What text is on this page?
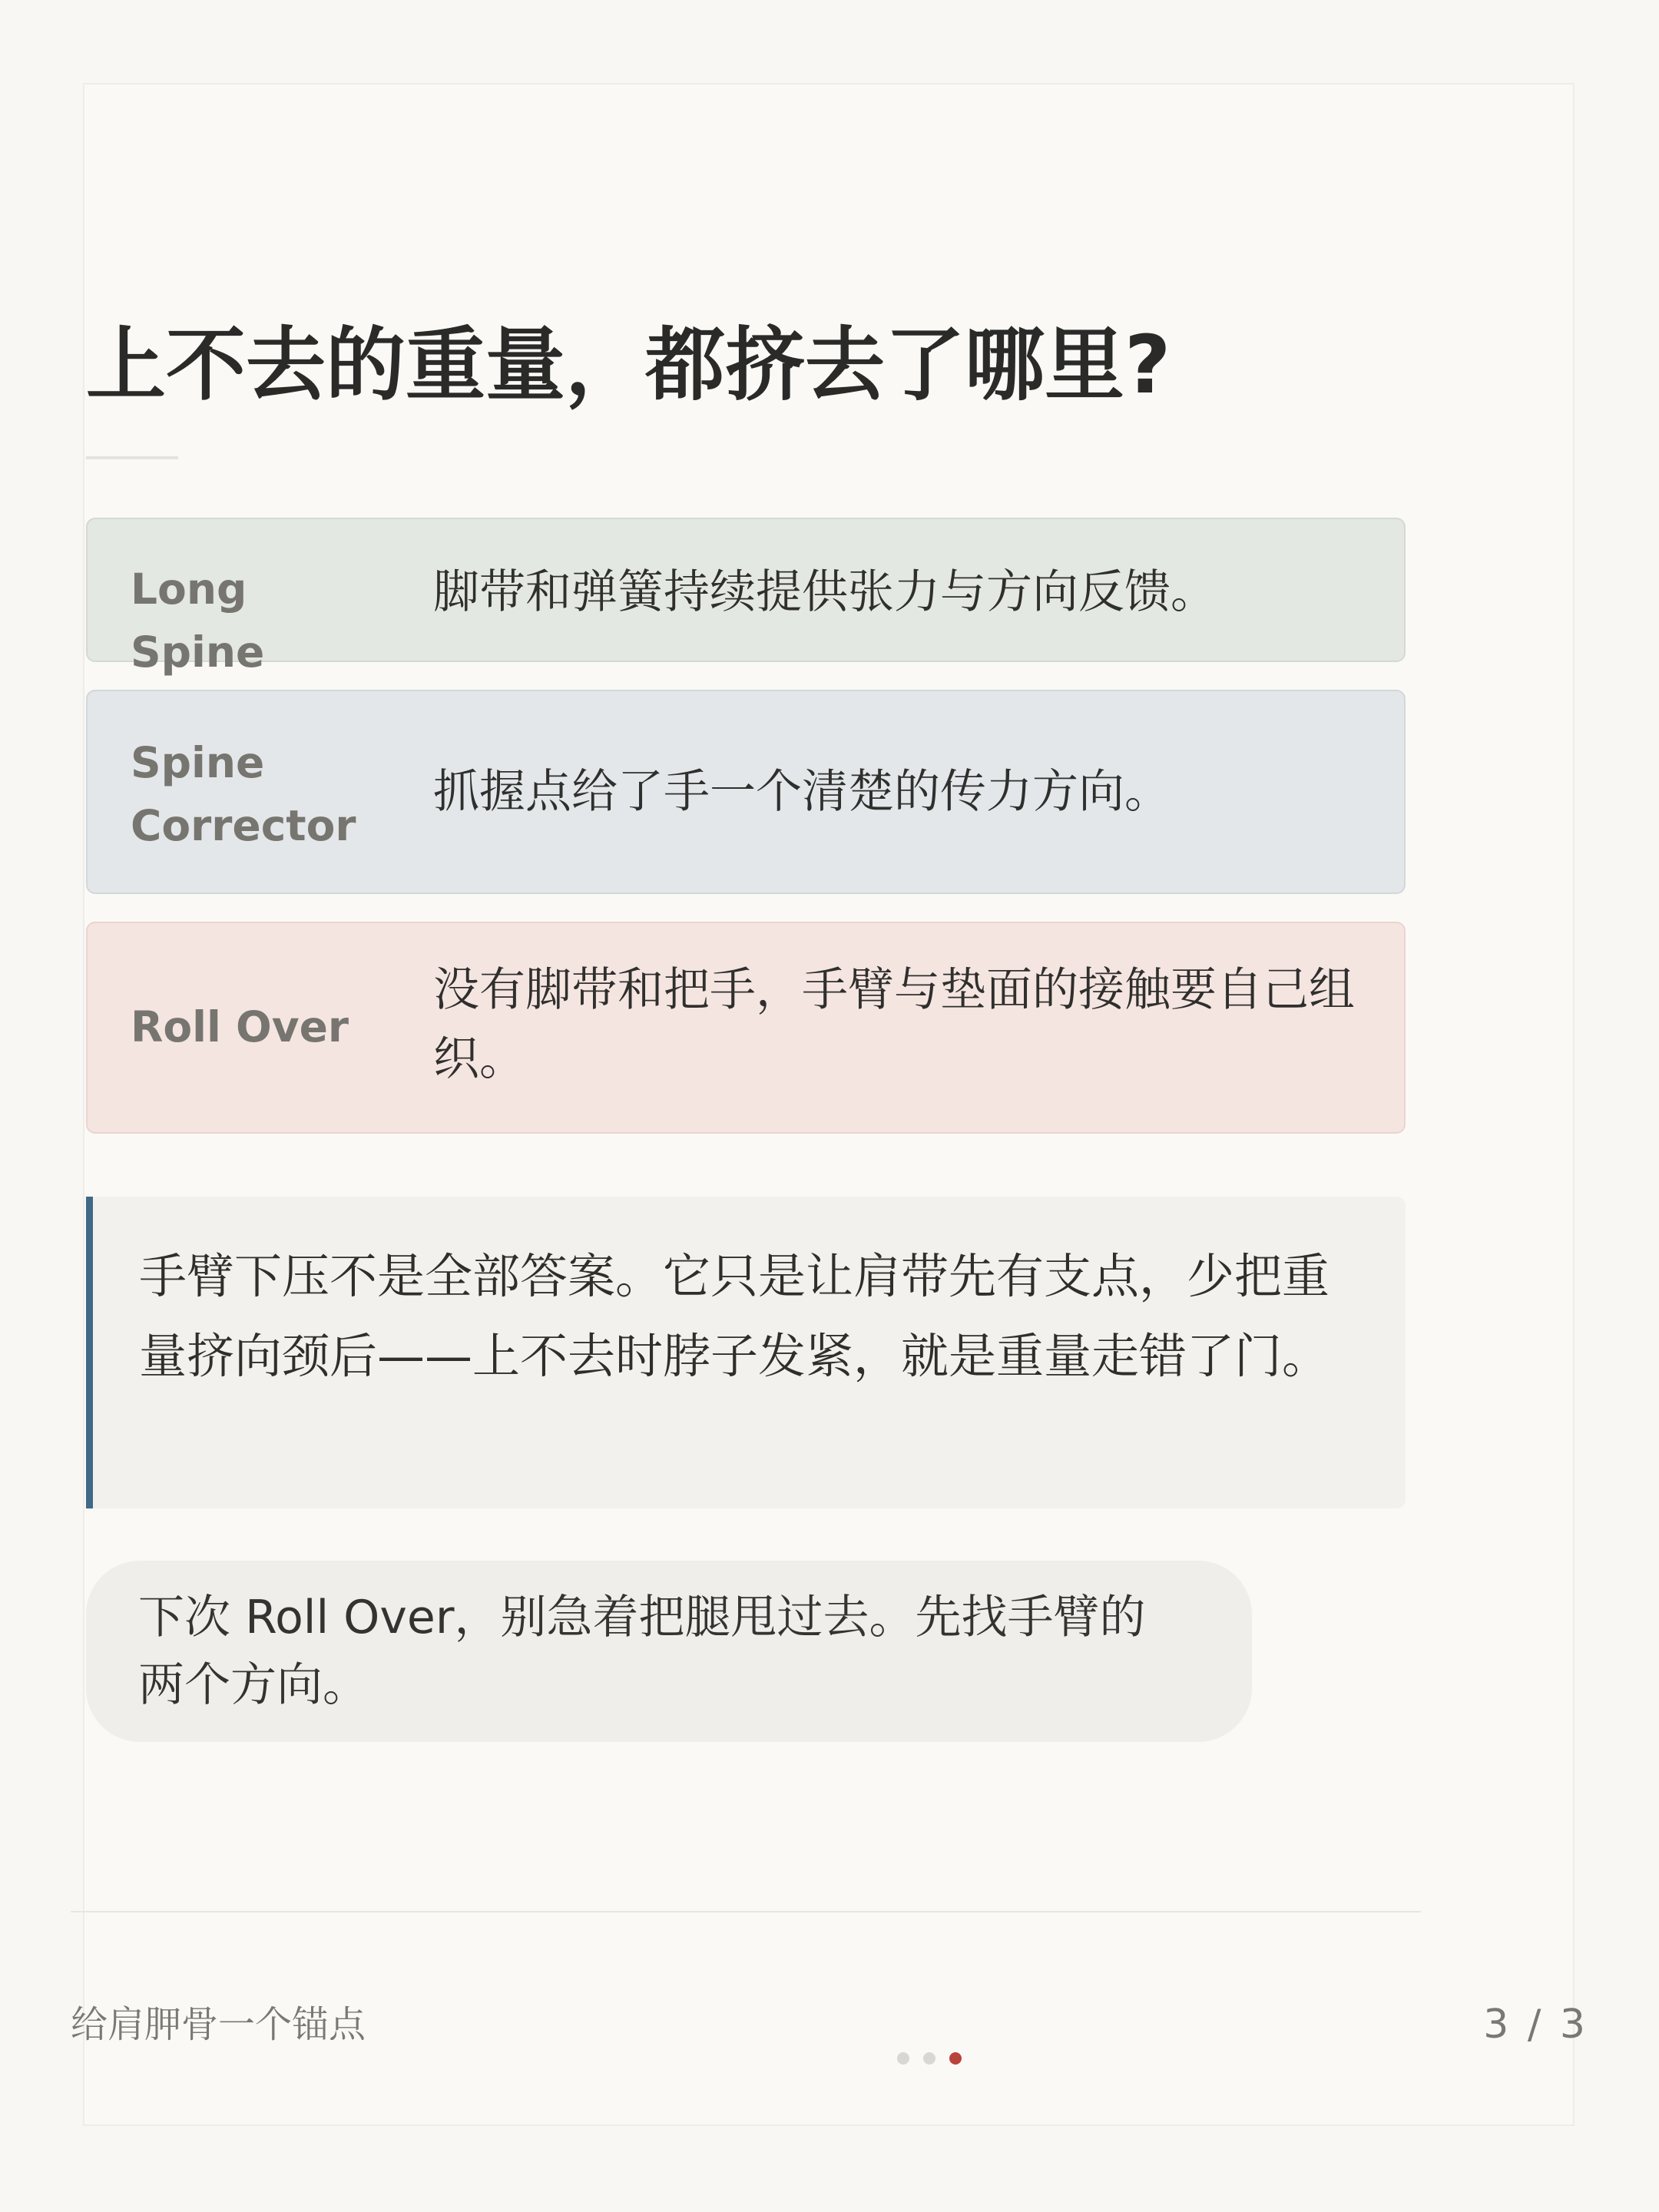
上不去的重量，都挤去了哪里?
Long Spine
脚带和弹簧持续提供张力与方向反馈。
Spine Corrector
抓握点给了手一个清楚的传力方向。
Roll Over
没有脚带和把手，手臂与垫面的接触要自己组织。
手臂下压不是全部答案。它只是让肩带先有支点，少把重量挤向颈后——上不去时脖子发紧，就是重量走错了门。
下次 Roll Over，别急着把腿甩过去。先找手臂的两个方向。
给肩胛骨一个锚点	3 / 3
